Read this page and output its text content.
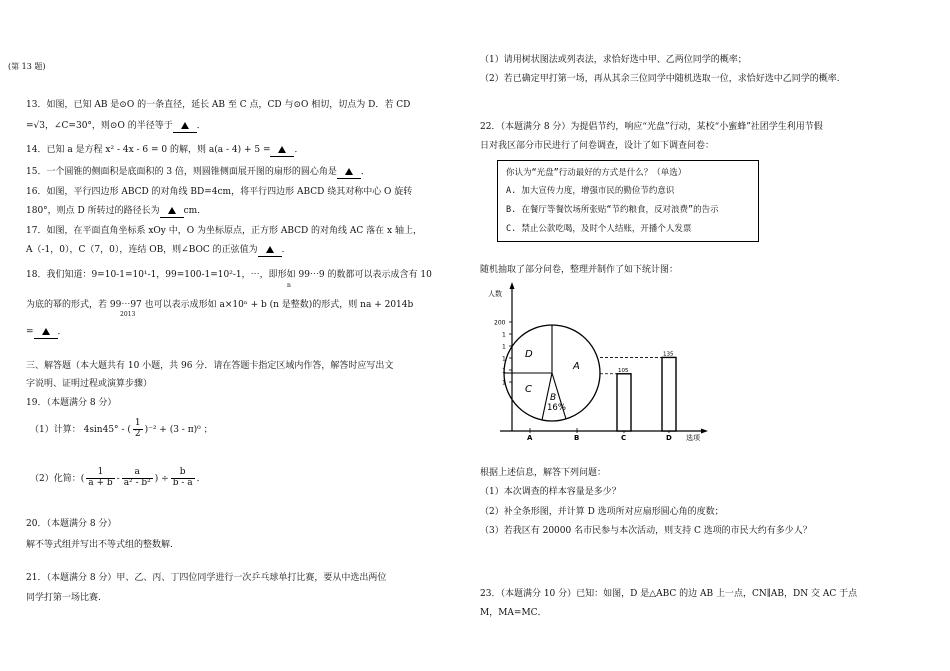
(第 13 题)
13．如图，已知 AB 是⊙O 的一条直径，延长 AB 至 C 点，CD 与⊙O 相切，切点为 D．若 CD
=√3，∠C=30°，则⊙O 的半径等于	．
14．已知 a 是方程 x² - 4x - 6 = 0 的解，则 a(a - 4) + 5 =	．
15．一个圆锥的侧面积是底面积的 3 倍，则圆锥侧面展开图的扇形的圆心角是	．
16．如图，平行四边形 ABCD 的对角线 BD=4cm，将平行四边形 ABCD 绕其对称中心 O 旋转
180°，则点 D 所转过的路径长为	cm．
17．如图，在平面直角坐标系 xOy 中，O 为坐标原点，正方形 ABCD 的对角线 AC 落在 x 轴上，
A（-1，0），C（7，0），连结 OB，则∠BOC 的正弦值为	．
18．我们知道：9=10-1=10¹-1，99=100-1=10²-1，⋯，即形如 99⋯9 的数都可以表示成含有 10
n
为底的幂的形式，若 99⋯97 也可以表示成形如 a×10ⁿ + b (n 是整数)的形式，则 na + 2014b
2013
=	．
三、解答题（本大题共有 10 小题，共 96 分．请在答题卡指定区域内作答，解答时应写出文
字说明、证明过程或演算步骤）
19．（本题满分 8 分）
（1）计算： 4sin45° - ( $\frac{1}{2} )^{-2} + (3 - \pi)^0$ ；
（2）化简：( $\frac{1}{a + b} - \frac{a}{\text{a² - b²}}$ ) ÷ $\frac{b}{b - a}$ ．
20．（本题满分 8 分）
解不等式组并写出不等式组的整数解.
21．（本题满分 8 分）甲、乙、丙、丁四位同学进行一次乒乓球单打比赛，要从中选出两位
同学打第一场比赛.
（1）请用树状图法或列表法，求恰好选中甲、乙两位同学的概率；
（2）若已确定甲打第一场，再从其余三位同学中随机选取一位，求恰好选中乙同学的概率.
22．（本题满分 8 分）为提倡节约，响应“光盘”行动，某校“小蜜蜂”社团学生利用节假
日对我区部分市民进行了问卷调查，设计了如下调查问卷：
你认为“光盘”行动最好的方式是什么？（单选）
A. 加大宣传力度，增强市民的勤俭节约意识
B. 在餐厅等餐饮场所张贴“节约粮食，反对浪费”的告示
C. 禁止公款吃喝，及时个人结账，开播个人发票
随机抽取了部分问卷，整理并制作了如下统计图：
人数
选项
200
1
1
1
1
1
D
A
C
B
16%
A	B	C
105
D
135
根据上述信息，解答下列问题：
（1）本次调查的样本容量是多少？
（2）补全条形图，并计算 D 选项所对应扇形圆心角的度数；
（3）若我区有 20000 名市民参与本次活动，则支持 C 选项的市民大约有多少人？
23．（本题满分 10 分）已知：如图，D 是△ABC 的边 AB 上一点，CN∥AB，DN 交 AC 于点
M，MA=MC．
